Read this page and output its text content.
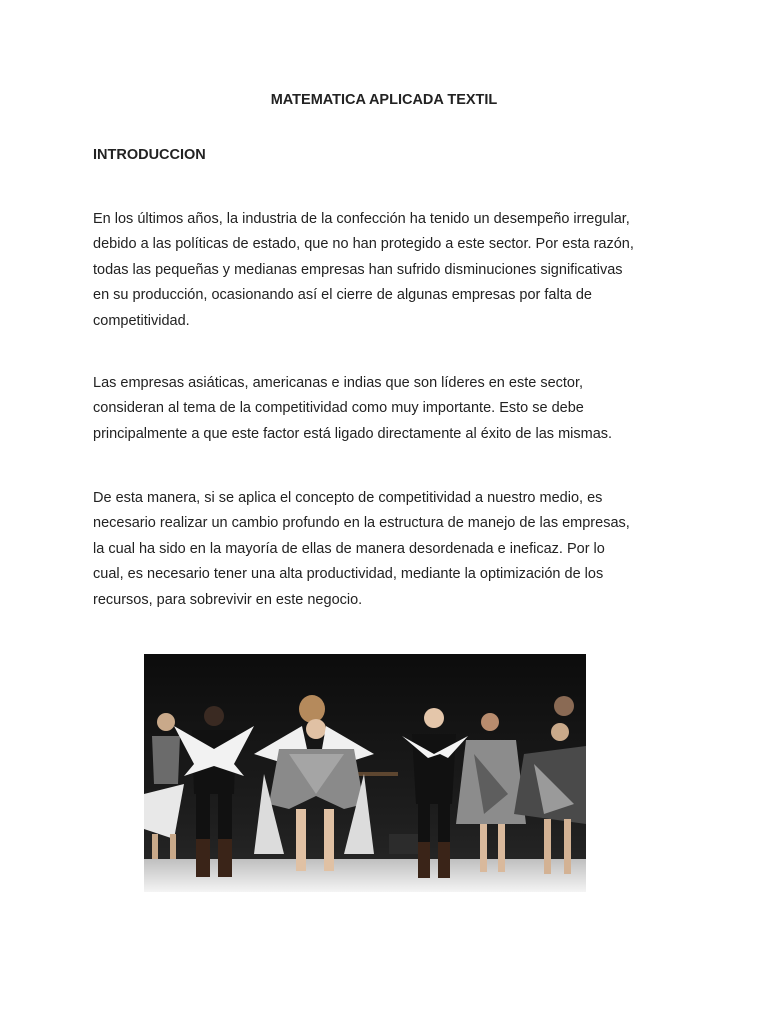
MATEMATICA APLICADA TEXTIL
INTRODUCCION

En los últimos años, la industria de la confección ha tenido un desempeño irregular,
debido a las políticas de estado, que no han protegido a este sector. Por esta razón,
todas las pequeñas y medianas empresas han sufrido disminuciones significativas
en su producción, ocasionando así el cierre de algunas empresas por falta de
competitividad.

Las empresas asiáticas, americanas e indias que son líderes en este sector,
consideran al tema de la competitividad como muy importante. Esto se debe
principalmente a que este factor está ligado directamente al éxito de las mismas.

De esta manera, si se aplica el concepto de competitividad a nuestro medio, es
necesario realizar un cambio profundo en la estructura de manejo de las empresas,
la cual ha sido en la mayoría de ellas de manera desordenada e ineficaz. Por lo
cual, es necesario tener una alta productividad, mediante la optimización de los
recursos, para sobrevivir en este negocio.
